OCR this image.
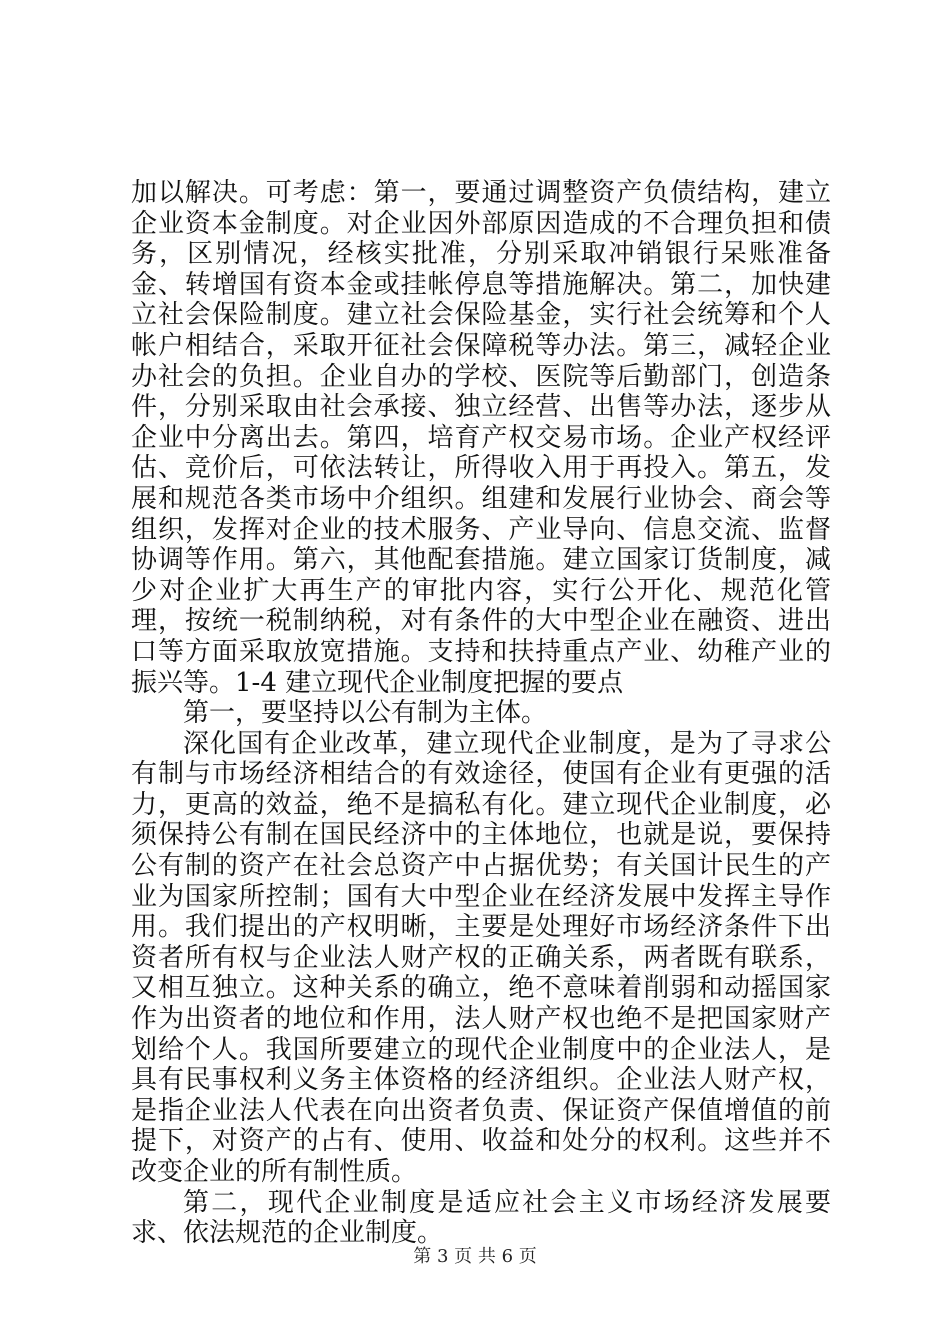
加以解决。可考虑：第一，要通过调整资产负债结构，建立企业资本金制度。对企业因外部原因造成的不合理负担和债务，区别情况，经核实批准，分别采取冲销银行呆账准备金、转增国有资本金或挂帐停息等措施解决。第二，加快建立社会保险制度。建立社会保险基金，实行社会统筹和个人帐户相结合，采取开征社会保障税等办法。第三，减轻企业办社会的负担。企业自办的学校、医院等后勤部门，创造条件，分别采取由社会承接、独立经营、出售等办法，逐步从企业中分离出去。第四，培育产权交易市场。企业产权经评估、竞价后，可依法转让，所得收入用于再投入。第五，发展和规范各类市场中介组织。组建和发展行业协会、商会等组织，发挥对企业的技术服务、产业导向、信息交流、监督协调等作用。第六，其他配套措施。建立国家订货制度，减少对企业扩大再生产的审批内容，实行公开化、规范化管理，按统一税制纳税，对有条件的大中型企业在融资、进出口等方面采取放宽措施。支持和扶持重点产业、幼稚产业的振兴等。1-4 建立现代企业制度把握的要点

第一，要坚持以公有制为主体。

深化国有企业改革，建立现代企业制度，是为了寻求公有制与市场经济相结合的有效途径，使国有企业有更强的活力，更高的效益，绝不是搞私有化。建立现代企业制度，必须保持公有制在国民经济中的主体地位，也就是说，要保持公有制的资产在社会总资产中占据优势；有关国计民生的产业为国家所控制；国有大中型企业在经济发展中发挥主导作用。我们提出的产权明晰，主要是处理好市场经济条件下出资者所有权与企业法人财产权的正确关系，两者既有联系，又相互独立。这种关系的确立，绝不意味着削弱和动摇国家作为出资者的地位和作用，法人财产权也绝不是把国家财产划给个人。我国所要建立的现代企业制度中的企业法人，是具有民事权利义务主体资格的经济组织。企业法人财产权，是指企业法人代表在向出资者负责、保证资产保值增值的前提下，对资产的占有、使用、收益和处分的权利。这些并不改变企业的所有制性质。

第二，现代企业制度是适应社会主义市场经济发展要求、依法规范的企业制度。

第 3 页 共 6 页
